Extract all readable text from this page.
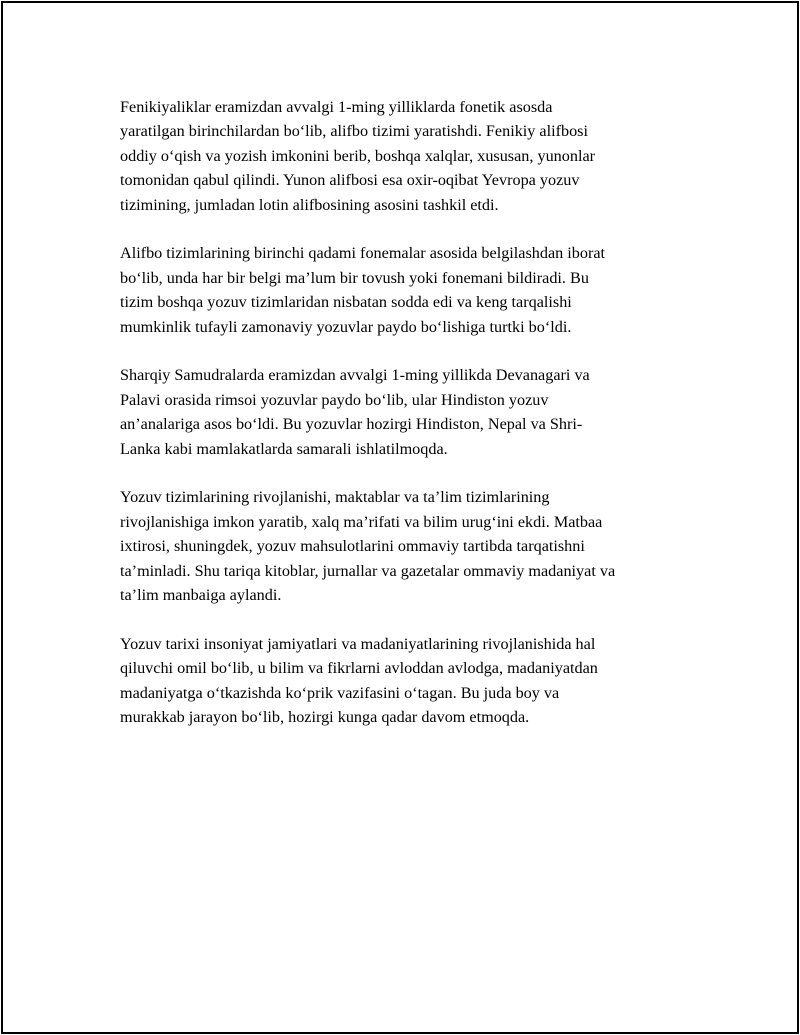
Fenikiyaliklar eramizdan avvalgi 1-ming yilliklarda fonetik asosda
yaratilgan birinchilardan bo‘lib, alifbo tizimi yaratishdi. Fenikiy alifbosi
oddiy o‘qish va yozish imkonini berib, boshqa xalqlar, xususan, yunonlar
tomonidan qabul qilindi. Yunon alifbosi esa oxir-oqibat Yevropa yozuv
tizimining, jumladan lotin alifbosining asosini tashkil etdi.

Alifbo tizimlarining birinchi qadami fonemalar asosida belgilashdan iborat
bo‘lib, unda har bir belgi ma’lum bir tovush yoki fonemani bildiradi. Bu
tizim boshqa yozuv tizimlaridan nisbatan sodda edi va keng tarqalishi
mumkinlik tufayli zamonaviy yozuvlar paydo bo‘lishiga turtki bo‘ldi.

Sharqiy Samudralarda eramizdan avvalgi 1-ming yillikda Devanagari va
Palavi orasida rimsoi yozuvlar paydo bo‘lib, ular Hindiston yozuv
an’analariga asos bo‘ldi. Bu yozuvlar hozirgi Hindiston, Nepal va Shri-
Lanka kabi mamlakatlarda samarali ishlatilmoqda.

Yozuv tizimlarining rivojlanishi, maktablar va ta’lim tizimlarining
rivojlanishiga imkon yaratib, xalq ma’rifati va bilim urug‘ini ekdi. Matbaa
ixtirosi, shuningdek, yozuv mahsulotlarini ommaviy tartibda tarqatishni
ta’minladi. Shu tariqa kitoblar, jurnallar va gazetalar ommaviy madaniyat va
ta’lim manbaiga aylandi.

Yozuv tarixi insoniyat jamiyatlari va madaniyatlarining rivojlanishida hal
qiluvchi omil bo‘lib, u bilim va fikrlarni avloddan avlodga, madaniyatdan
madaniyatga o‘tkazishda ko‘prik vazifasini o‘tagan. Bu juda boy va
murakkab jarayon bo‘lib, hozirgi kunga qadar davom etmoqda.
